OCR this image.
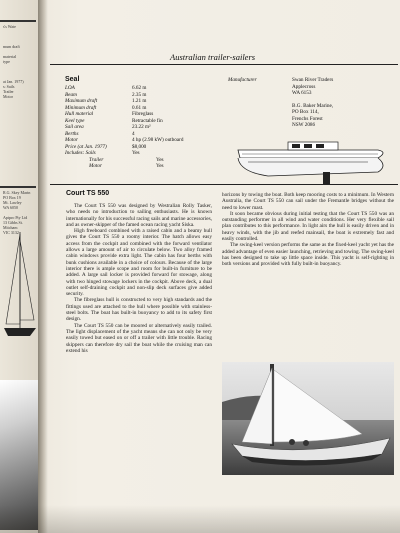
s's Wate

mum draft

material
type

at Jan. 1977)
s: Sails
Trailer
Motor
R.G. Skey Marin
PO Box 19
Mt. Lawley
WA 6050

Aptpro Pty Ltd
13 Gibbs St.
Mitcham
VIC 3132
Australian trailer-sailers
Seal
LOA	6.62 m
Beam	2.35 m
Maximum draft	1.21 m
Minimum draft	0.61 m
Hull material	Fibreglass
Keel type	Retractable fin
Sail area	23.22 m²
Berths	4
Motor	4 hp (2.98 kW) outboard
Price (at Jan. 1977)	$8,000
Includes: Sails	Yes
Trailer	Yes
Motor	Yes
Manufacturer	Swan River Traders
Applecross
WA 6153
B.G. Baker Marine,
PO Box 114,
Frenchs Forest
NSW 2086
Court TS 550

The Court TS 550 was designed by Westralian Rolly Tasker, who needs no introduction to sailing enthusiasts. He is known internationally for his successful racing sails and marine accessories, and as owner-skipper of the famed ocean racing yacht Siska.

High freeboard combined with a raised cabin and a beamy hull gives the Court TS 550 a roomy interior. The hatch allows easy access from the cockpit and combined with the forward ventilator allows a large amount of air to circulate below. Two alloy framed cabin windows provide extra light. The cabin has four berths with bunk cushions available in a choice of colours. Because of the large interior there is ample scope and room for built-in furniture to be added. A large sail locker is provided forward for stowage, along with two hinged stowage lockers in the cockpit. Above deck, a dual outlet self-draining cockpit and non-slip deck surfaces give added security.

The fibreglass hull is constructed to very high standards and the fittings used are attached to the hull where possible with stainless-steel bolts. The boat has built-in buoyancy to add to its safety first design.

The Court TS 550 can be moored or alternatively easily trailed. The light displacement of the yacht means she can not only be very easily towed but eased on or off a trailer with little trouble. Racing skippers can therefore dry sail the boat while the cruising man can extend his

horizons by towing the boat. Both keep mooring costs to a minimum. In Western Australia, the Court TS 550 can sail under the Fremantle bridges without the need to lower mast.

It soon became obvious during initial testing that the Court TS 550 was an outstanding performer in all wind and water conditions. Her very flexible sail plan contributes to this performance. In light airs the hull is easily driven and in heavy winds, with the jib and reefed mainsail, the boat is extremely fast and easily controlled.

The swing-keel version performs the same as the fixed-keel yacht yet has the added advantage of even easier launching, retrieving and towing. The swing-keel has been designed to take up little space inside. This yacht is self-righting in both versions and provided with fully built-in buoyancy.
